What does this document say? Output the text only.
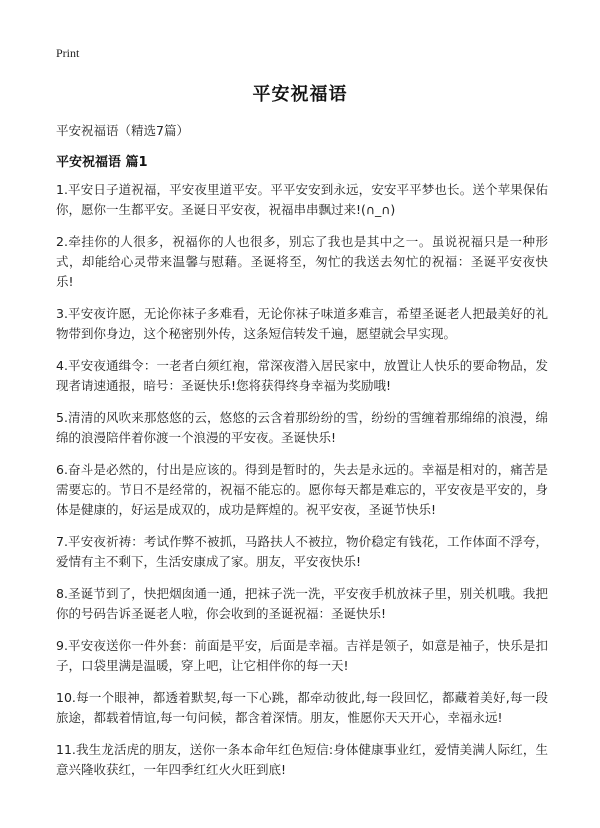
Print
平安祝福语
平安祝福语（精选7篇）
平安祝福语 篇1

1.平安日子道祝福，平安夜里道平安。平平安安到永远，安安平平梦也长。送个苹果保佑你，愿你一生都平安。圣诞日平安夜，祝福串串飘过来!(∩_∩)

2.牵挂你的人很多，祝福你的人也很多，别忘了我也是其中之一。虽说祝福只是一种形式，却能给心灵带来温馨与慰藉。圣诞将至，匆忙的我送去匆忙的祝福：圣诞平安夜快乐!

3.平安夜许愿，无论你袜子多难看，无论你袜子味道多难言，希望圣诞老人把最美好的礼物带到你身边，这个秘密别外传，这条短信转发千遍，愿望就会早实现。

4.平安夜通缉令：一老者白须红袍，常深夜潜入居民家中，放置让人快乐的要命物品，发现者请速通报，暗号：圣诞快乐!您将获得终身幸福为奖励哦!

5.清清的风吹来那悠悠的云，悠悠的云含着那纷纷的雪，纷纷的雪缠着那绵绵的浪漫，绵绵的浪漫陪伴着你渡一个浪漫的平安夜。圣诞快乐!

6.奋斗是必然的，付出是应该的。得到是暂时的，失去是永远的。幸福是相对的，痛苦是需要忘的。节日不是经常的，祝福不能忘的。愿你每天都是难忘的，平安夜是平安的，身体是健康的，好运是成双的，成功是辉煌的。祝平安夜，圣诞节快乐!

7.平安夜祈祷：考试作弊不被抓，马路扶人不被拉，物价稳定有钱花，工作体面不浮夸，爱情有主不剩下，生活安康成了家。朋友，平安夜快乐!

8.圣诞节到了，快把烟囱通一通，把袜子洗一洗，平安夜手机放袜子里，别关机哦。我把你的号码告诉圣诞老人啦，你会收到的圣诞祝福：圣诞快乐!

9.平安夜送你一件外套：前面是平安，后面是幸福。吉祥是领子，如意是袖子，快乐是扣子，口袋里满是温暖，穿上吧，让它相伴你的每一天!

10.每一个眼神，都透着默契,每一下心跳，都牵动彼此,每一段回忆，都藏着美好,每一段旅途，都载着情谊,每一句问候，都含着深情。朋友，惟愿你天天开心，幸福永远!

11.我生龙活虎的朋友，送你一条本命年红色短信:身体健康事业红，爱情美满人际红，生意兴隆收获红，一年四季红红火火旺到底!
